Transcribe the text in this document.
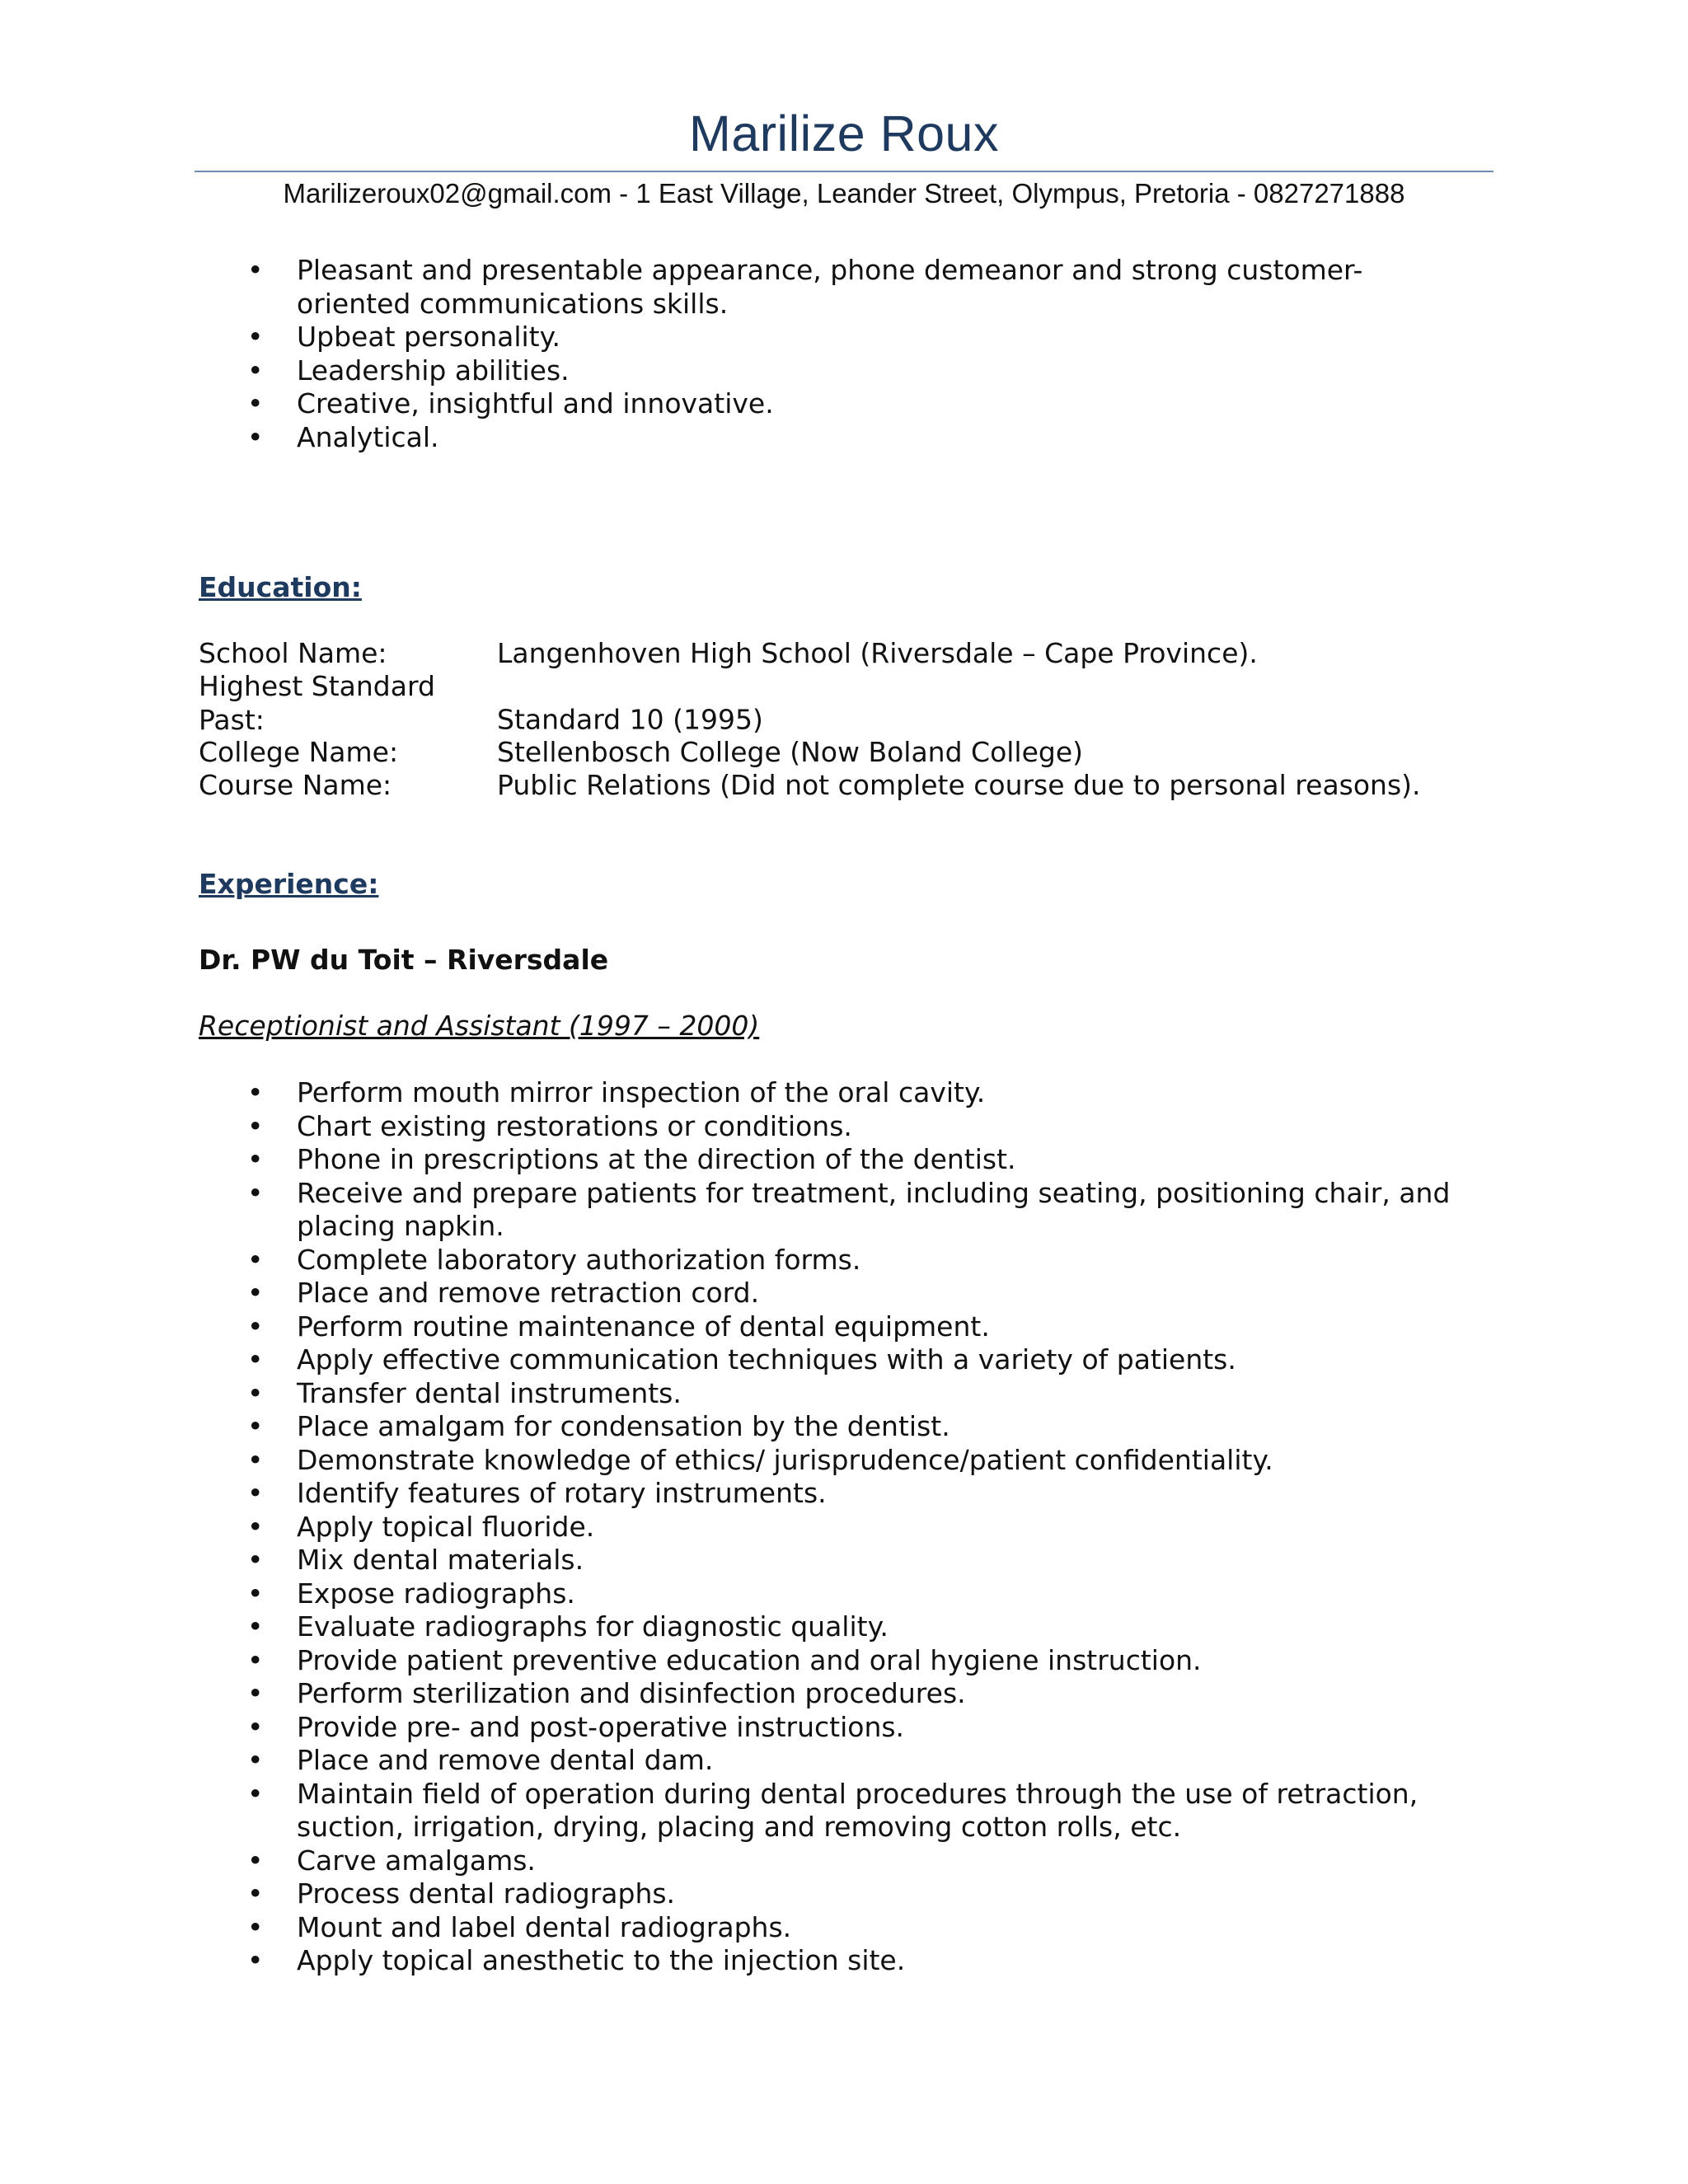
Marilize Roux
Marilizeroux02@gmail.com - 1 East Village, Leander Street, Olympus, Pretoria - 0827271888
• Pleasant and presentable appearance, phone demeanor and strong customer-oriented communications skills.
• Upbeat personality.
• Leadership abilities.
• Creative, insightful and innovative.
• Analytical.
Education:
School Name:	Langenhoven High School (Riversdale – Cape Province).
Highest Standard Past:	Standard 10 (1995)
College Name:	Stellenbosch College (Now Boland College)
Course Name:	Public Relations (Did not complete course due to personal reasons).
Experience:
Dr. PW du Toit – Riversdale
Receptionist and Assistant (1997 – 2000)
• Perform mouth mirror inspection of the oral cavity.
• Chart existing restorations or conditions.
• Phone in prescriptions at the direction of the dentist.
• Receive and prepare patients for treatment, including seating, positioning chair, and placing napkin.
• Complete laboratory authorization forms.
• Place and remove retraction cord.
• Perform routine maintenance of dental equipment.
• Apply effective communication techniques with a variety of patients.
• Transfer dental instruments.
• Place amalgam for condensation by the dentist.
• Demonstrate knowledge of ethics/ jurisprudence/patient confidentiality.
• Identify features of rotary instruments.
• Apply topical fluoride.
• Mix dental materials.
• Expose radiographs.
• Evaluate radiographs for diagnostic quality.
• Provide patient preventive education and oral hygiene instruction.
• Perform sterilization and disinfection procedures.
• Provide pre- and post-operative instructions.
• Place and remove dental dam.
• Maintain field of operation during dental procedures through the use of retraction, suction, irrigation, drying, placing and removing cotton rolls, etc.
• Carve amalgams.
• Process dental radiographs.
• Mount and label dental radiographs.
• Apply topical anesthetic to the injection site.
